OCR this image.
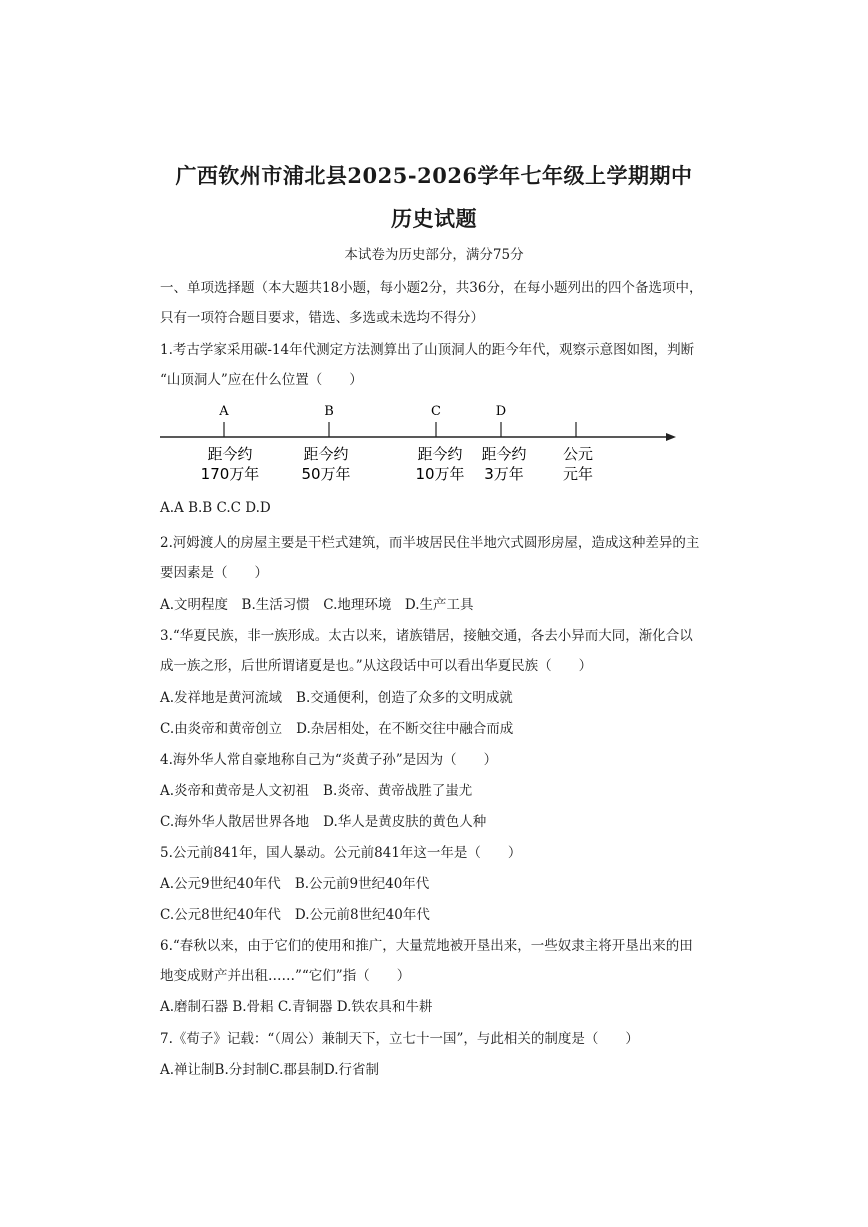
广西钦州市浦北县2025-2026学年七年级上学期期中
历史试题
本试卷为历史部分，满分75分
一、单项选择题（本大题共18小题，每小题2分，共36分，在每小题列出的四个备选项中，
只有一项符合题目要求，错选、多选或未选均不得分）
1.考古学家采用碳-14年代测定方法测算出了山顶洞人的距今年代，观察示意图如图，判断
“山顶洞人”应在什么位置（　　）
A	B	C	D
距今约
170万年
距今约
50万年
距今约
10万年
距今约
3万年
公元
元年
A.A B.B C.C D.D
2.河姆渡人的房屋主要是干栏式建筑，而半坡居民住半地穴式圆形房屋，造成这种差异的主
要因素是（　　）
A.文明程度　B.生活习惯　C.地理环境　D.生产工具
3.“华夏民族，非一族形成。太古以来，诸族错居，接触交通，各去小异而大同，渐化合以
成一族之形，后世所谓诸夏是也。”从这段话中可以看出华夏民族（　　）
A.发祥地是黄河流域 B.交通便利，创造了众多的文明成就
C.由炎帝和黄帝创立 D.杂居相处，在不断交往中融合而成
4.海外华人常自豪地称自己为“炎黄子孙”是因为（　　）
A.炎帝和黄帝是人文初祖 B.炎帝、黄帝战胜了蚩尤
C.海外华人散居世界各地 D.华人是黄皮肤的黄色人种
5.公元前841年，国人暴动。公元前841年这一年是（　　）
A.公元9世纪40年代 B.公元前9世纪40年代
C.公元8世纪40年代 D.公元前8世纪40年代
6.“春秋以来，由于它们的使用和推广，大量荒地被开垦出来，一些奴隶主将开垦出来的田
地变成财产并出租……”“它们”指（　　）
A.磨制石器 B.骨耜 C.青铜器 D.铁农具和牛耕
7.《荀子》记载：“（周公）兼制天下，立七十一国”，与此相关的制度是（　　）
A.禅让制B.分封制C.郡县制D.行省制
